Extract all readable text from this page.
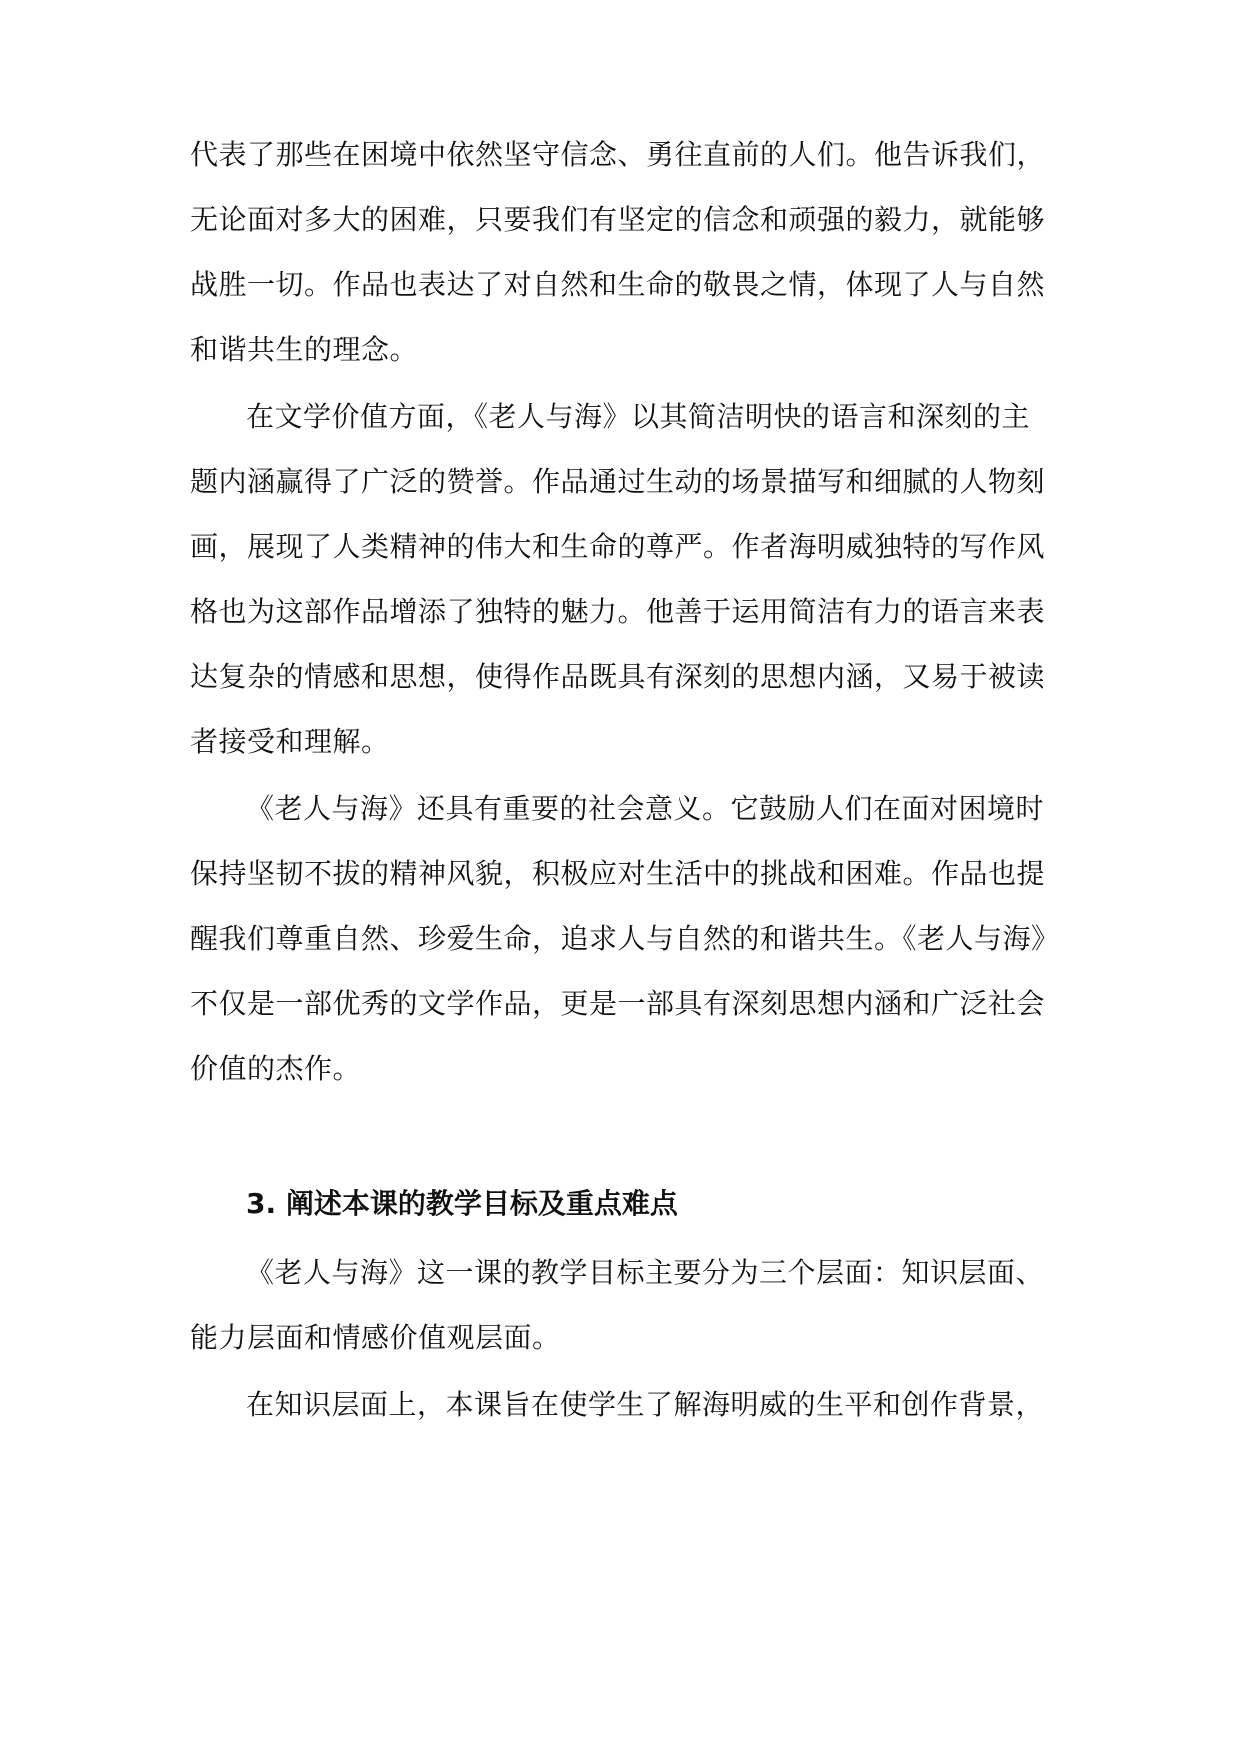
代表了那些在困境中依然坚守信念、勇往直前的人们。他告诉我们，
无论面对多大的困难，只要我们有坚定的信念和顽强的毅力，就能够
战胜一切。作品也表达了对自然和生命的敬畏之情，体现了人与自然
和谐共生的理念。
在文学价值方面，《老人与海》以其简洁明快的语言和深刻的主
题内涵赢得了广泛的赞誉。作品通过生动的场景描写和细腻的人物刻
画，展现了人类精神的伟大和生命的尊严。作者海明威独特的写作风
格也为这部作品增添了独特的魅力。他善于运用简洁有力的语言来表
达复杂的情感和思想，使得作品既具有深刻的思想内涵，又易于被读
者接受和理解。
《老人与海》还具有重要的社会意义。它鼓励人们在面对困境时
保持坚韧不拔的精神风貌，积极应对生活中的挑战和困难。作品也提
醒我们尊重自然、珍爱生命，追求人与自然的和谐共生。《老人与海》
不仅是一部优秀的文学作品，更是一部具有深刻思想内涵和广泛社会
价值的杰作。
3. 阐述本课的教学目标及重点难点
《老人与海》这一课的教学目标主要分为三个层面：知识层面、
能力层面和情感价值观层面。
在知识层面上，本课旨在使学生了解海明威的生平和创作背景，
